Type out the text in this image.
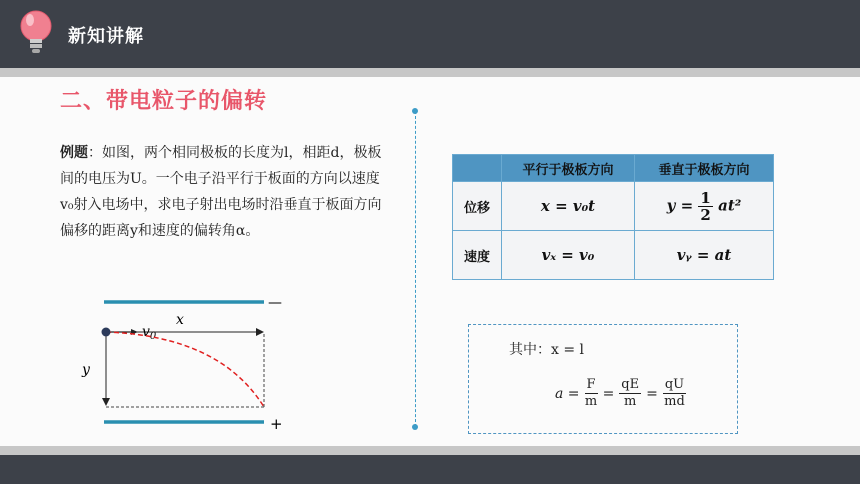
新知讲解
二、带电粒子的偏转
例题：如图，两个相同极板的长度为l，相距d，极板间的电压为U。一个电子沿平行于板面的方向以速度v₀射入电场中，求电子射出电场时沿垂直于板面方向偏移的距离y和速度的偏转角α。
—
+
x
$v_0$
y
	平行于极板方向	垂直于极板方向
位移	x = v₀t	$y = \frac{1}{2} at^2$
速度	vₓ = v₀	vᵧ = at
其中：x = l
$a = \frac{F}{m} = \frac{qE}{m} = \frac{qU}{md}$
